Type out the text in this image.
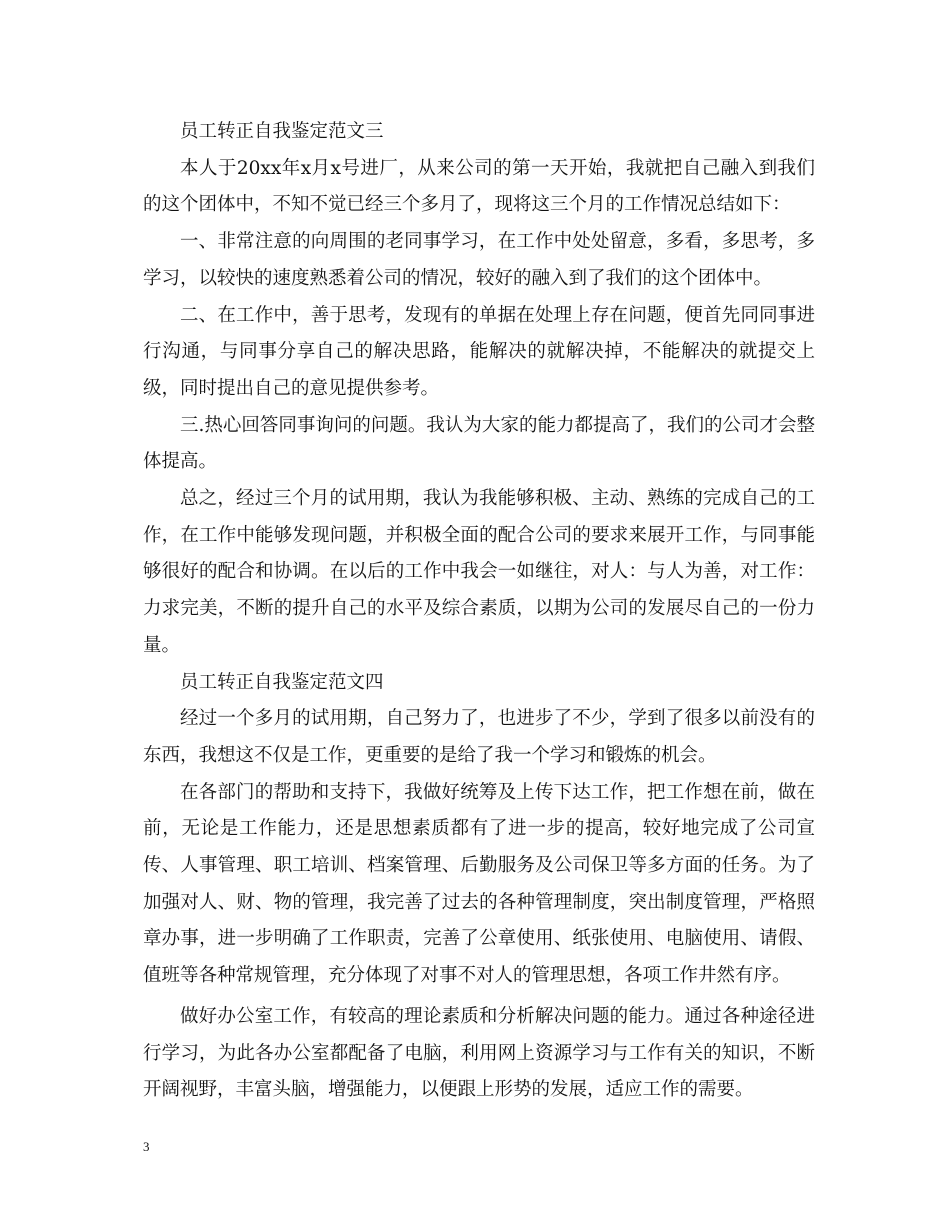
员工转正自我鉴定范文三

本人于20xx年x月x号进厂，从来公司的第一天开始，我就把自己融入到我们的这个团体中，不知不觉已经三个多月了，现将这三个月的工作情况总结如下：

一、非常注意的向周围的老同事学习，在工作中处处留意，多看，多思考，多学习，以较快的速度熟悉着公司的情况，较好的融入到了我们的这个团体中。

二、在工作中，善于思考，发现有的单据在处理上存在问题，便首先同同事进行沟通，与同事分享自己的解决思路，能解决的就解决掉，不能解决的就提交上级，同时提出自己的意见提供参考。

三.热心回答同事询问的问题。我认为大家的能力都提高了，我们的公司才会整体提高。

总之，经过三个月的试用期，我认为我能够积极、主动、熟练的完成自己的工作，在工作中能够发现问题，并积极全面的配合公司的要求来展开工作，与同事能够很好的配合和协调。在以后的工作中我会一如继往，对人：与人为善，对工作：力求完美，不断的提升自己的水平及综合素质，以期为公司的发展尽自己的一份力量。

员工转正自我鉴定范文四

经过一个多月的试用期，自己努力了，也进步了不少，学到了很多以前没有的东西，我想这不仅是工作，更重要的是给了我一个学习和锻炼的机会。

在各部门的帮助和支持下，我做好统筹及上传下达工作，把工作想在前，做在前，无论是工作能力，还是思想素质都有了进一步的提高，较好地完成了公司宣传、人事管理、职工培训、档案管理、后勤服务及公司保卫等多方面的任务。为了加强对人、财、物的管理，我完善了过去的各种管理制度，突出制度管理，严格照章办事，进一步明确了工作职责，完善了公章使用、纸张使用、电脑使用、请假、值班等各种常规管理，充分体现了对事不对人的管理思想，各项工作井然有序。

做好办公室工作，有较高的理论素质和分析解决问题的能力。通过各种途径进行学习，为此各办公室都配备了电脑，利用网上资源学习与工作有关的知识，不断开阔视野，丰富头脑，增强能力，以便跟上形势的发展，适应工作的需要。

3
